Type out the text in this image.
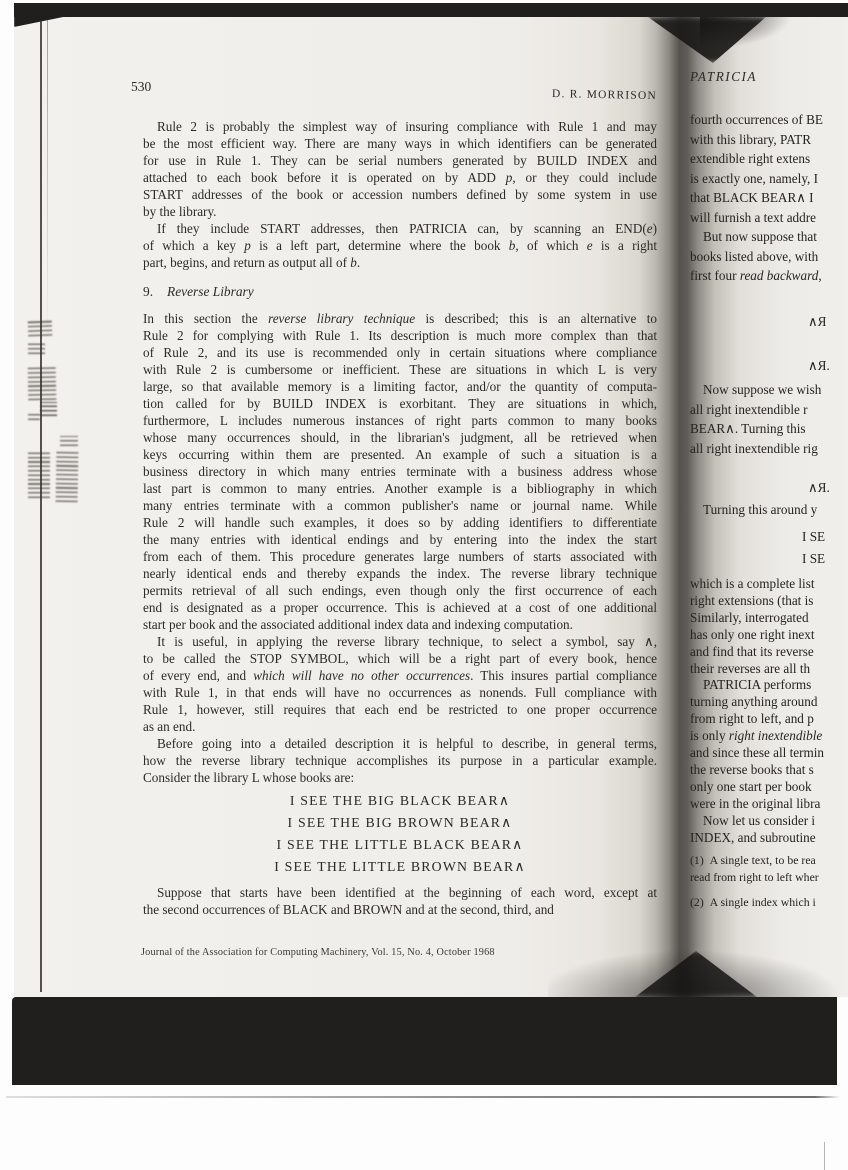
530
D. R. MORRISON
Rule 2 is probably the simplest way of insuring compliance with Rule 1 and may
be the most efficient way. There are many ways in which identifiers can be generated
for use in Rule 1. They can be serial numbers generated by BUILD INDEX and
attached to each book before it is operated on by ADD p, or they could include
START addresses of the book or accession numbers defined by some system in use
by the library.
If they include START addresses, then PATRICIA can, by scanning an END(e)
of which a key p is a left part, determine where the book b, of which e is a right
part, begins, and return as output all of b.
9. Reverse Library
In this section the reverse library technique is described; this is an alternative to
Rule 2 for complying with Rule 1. Its description is much more complex than that
of Rule 2, and its use is recommended only in certain situations where compliance
with Rule 2 is cumbersome or inefficient. These are situations in which L is very
large, so that available memory is a limiting factor, and/or the quantity of computa-
tion called for by BUILD INDEX is exorbitant. They are situations in which,
furthermore, L includes numerous instances of right parts common to many books
whose many occurrences should, in the librarian's judgment, all be retrieved when
keys occurring within them are presented. An example of such a situation is a
business directory in which many entries terminate with a business address whose
last part is common to many entries. Another example is a bibliography in which
many entries terminate with a common publisher's name or journal name. While
Rule 2 will handle such examples, it does so by adding identifiers to differentiate
the many entries with identical endings and by entering into the index the start
from each of them. This procedure generates large numbers of starts associated with
nearly identical ends and thereby expands the index. The reverse library technique
permits retrieval of all such endings, even though only the first occurrence of each
end is designated as a proper occurrence. This is achieved at a cost of one additional
start per book and the associated additional index data and indexing computation.
It is useful, in applying the reverse library technique, to select a symbol, say ∧,
to be called the STOP SYMBOL, which will be a right part of every book, hence
of every end, and which will have no other occurrences. This insures partial compliance
with Rule 1, in that ends will have no occurrences as nonends. Full compliance with
Rule 1, however, still requires that each end be restricted to one proper occurrence
as an end.
Before going into a detailed description it is helpful to describe, in general terms,
how the reverse library technique accomplishes its purpose in a particular example.
Consider the library L whose books are:
I SEE THE BIG BLACK BEAR∧
I SEE THE BIG BROWN BEAR∧
I SEE THE LITTLE BLACK BEAR∧
I SEE THE LITTLE BROWN BEAR∧
Suppose that starts have been identified at the beginning of each word, except at
the second occurrences of BLACK and BROWN and at the second, third, and
Journal of the Association for Computing Machinery, Vol. 15, No. 4, October 1968
PATRICIA
fourth occurrences of BE
with this library, PATR
extendible right extens
is exactly one, namely, I
that BLACK BEAR∧ I
will furnish a text addre
But now suppose that
books listed above, with
first four read backward,
∧Я
∧Я.
Now suppose we wish
all right inextendible r
BEAR∧. Turning this
all right inextendible rig
∧Я.
Turning this around y
I SE
I SE
which is a complete list
right extensions (that is
Similarly, interrogated
has only one right inext
and find that its reverse
their reverses are all th
PATRICIA performs
turning anything around
from right to left, and p
is only right inextendible
and since these all termin
the reverse books that s
only one start per book
were in the original libra
Now let us consider i
INDEX, and subroutine
(1) A single text, to be rea
read from right to left wher
(2) A single index which i
